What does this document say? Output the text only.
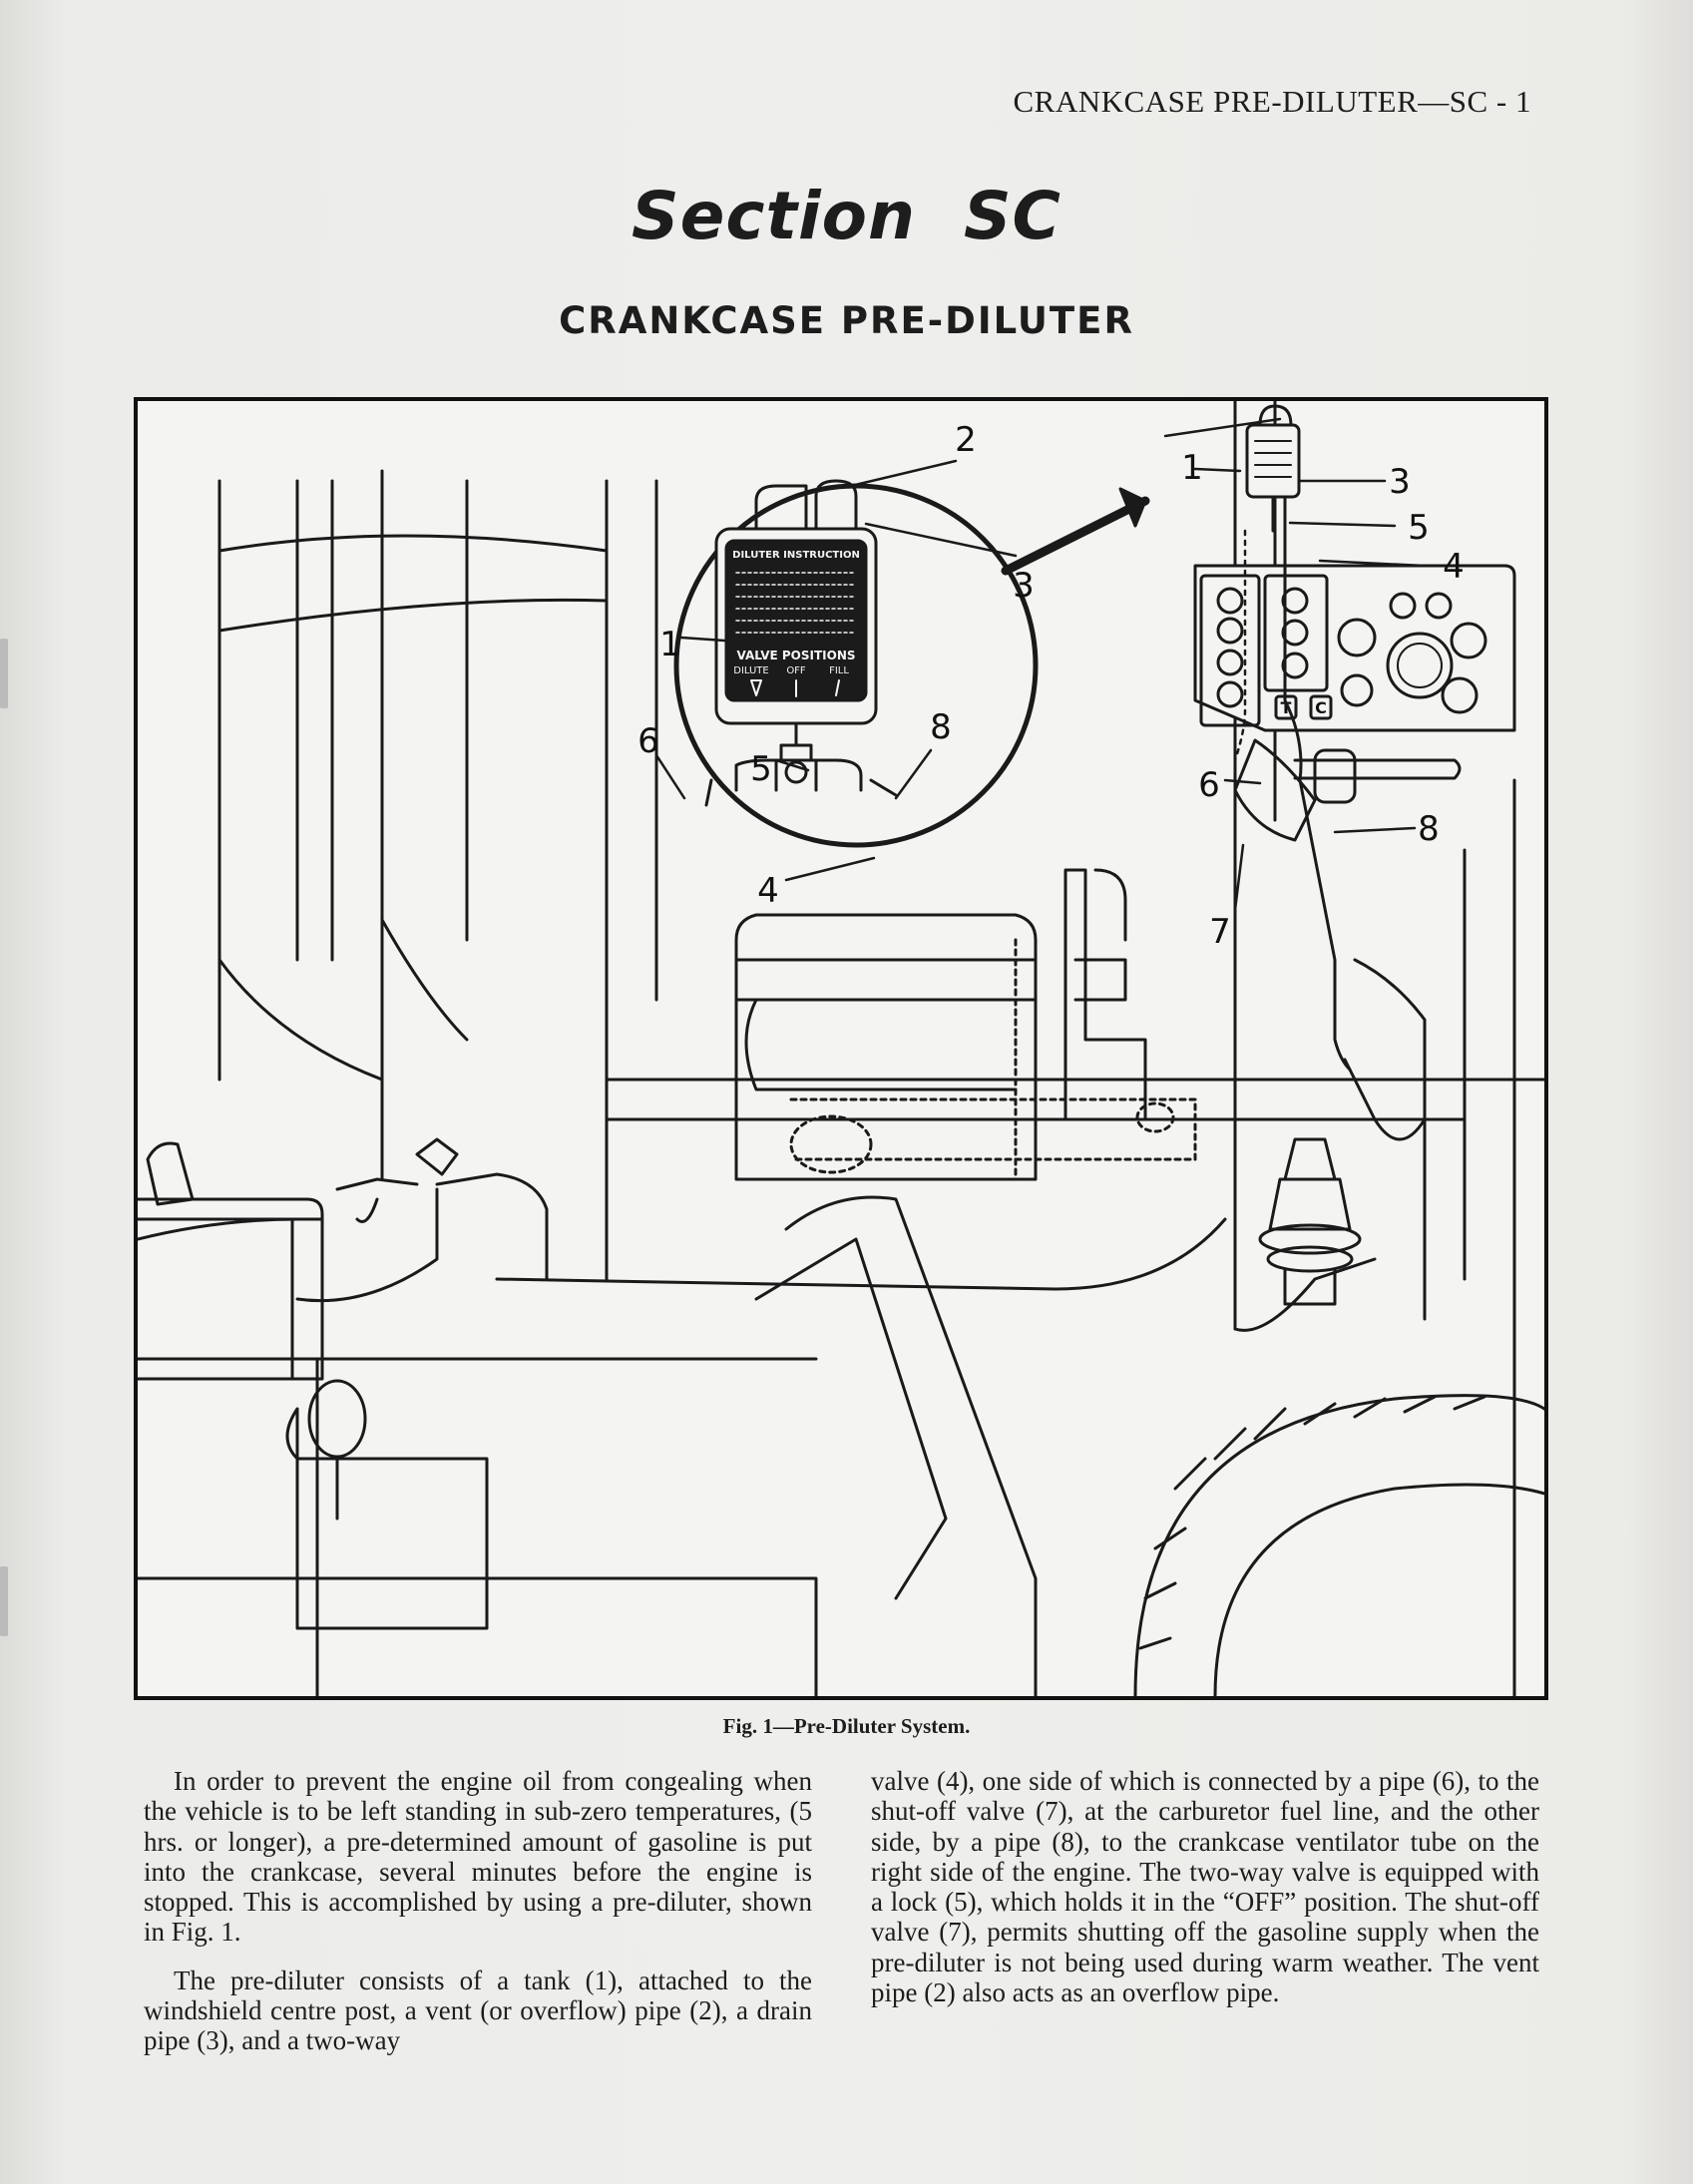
CRANKCASE PRE-DILUTER—SC - 1
Section SC
CRANKCASE PRE-DILUTER
T C
DILUTER INSTRUCTION
VALVE POSITIONS
DILUTE OFF FILL
2
3
1
6
5
8
4
1	3
5
4
6
8
7
Fig. 1—Pre-Diluter System.

In order to prevent the engine oil from congealing when the vehicle is to be left standing in sub-zero temperatures, (5 hrs. or longer), a pre-determined amount of gasoline is put into the crankcase, several minutes before the engine is stopped. This is accomplished by using a pre-diluter, shown in Fig. 1.

The pre-diluter consists of a tank (1), attached to the windshield centre post, a vent (or overflow) pipe (2), a drain pipe (3), and a two-way

valve (4), one side of which is connected by a pipe (6), to the shut-off valve (7), at the carburetor fuel line, and the other side, by a pipe (8), to the crankcase ventilator tube on the right side of the engine. The two-way valve is equipped with a lock (5), which holds it in the “OFF” position. The shut-off valve (7), permits shutting off the gasoline supply when the pre-diluter is not being used during warm weather. The vent pipe (2) also acts as an overflow pipe.
